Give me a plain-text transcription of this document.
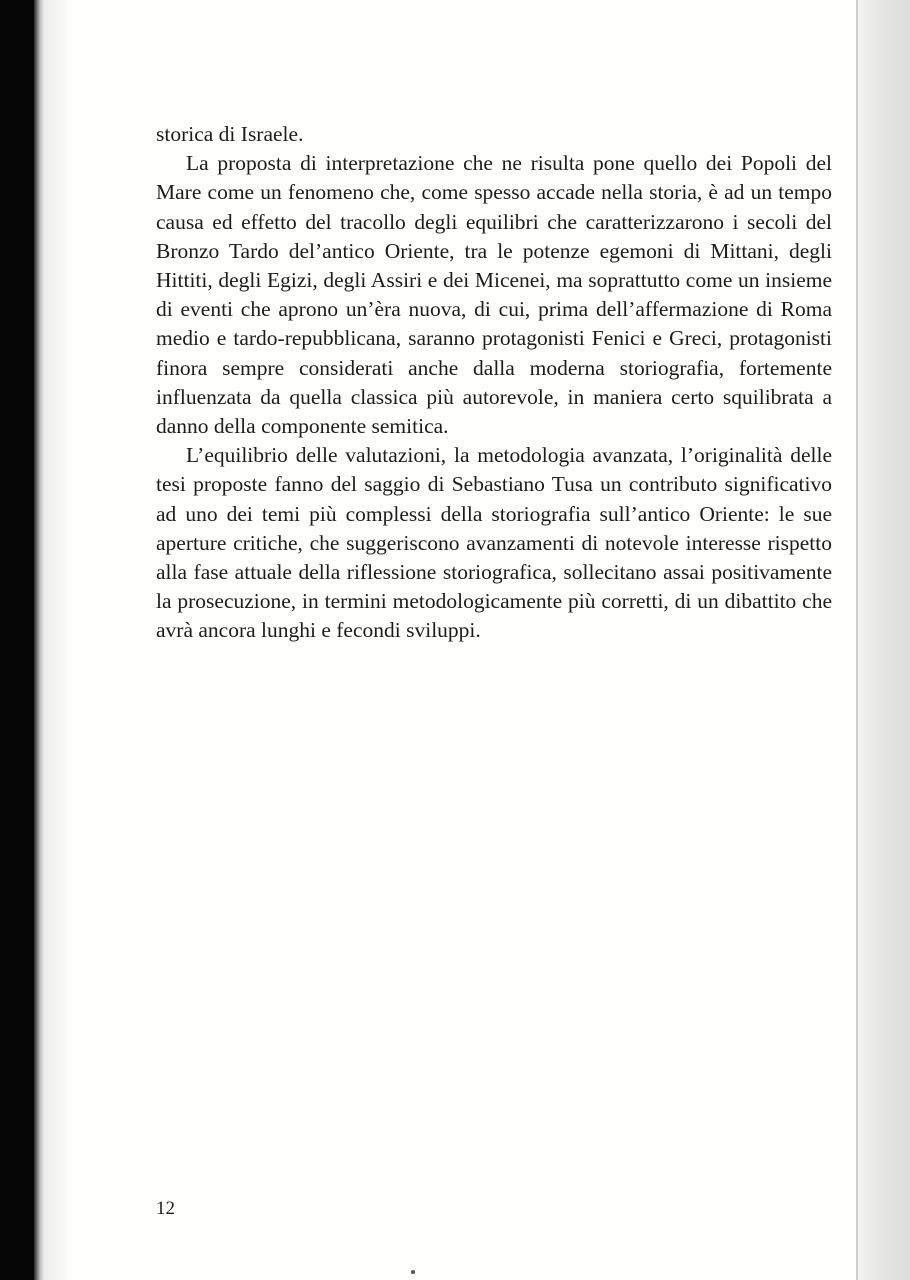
storica di Israele.

La proposta di interpretazione che ne risulta pone quello dei Popoli del Mare come un fenomeno che, come spesso accade nella storia, è ad un tempo causa ed effetto del tracollo degli equilibri che caratterizzarono i secoli del Bronzo Tardo del’antico Oriente, tra le potenze egemoni di Mittani, degli Hittiti, degli Egizi, degli Assiri e dei Micenei, ma soprattutto come un insieme di eventi che aprono un’èra nuova, di cui, prima dell’affermazione di Roma medio e tardo-repubblicana, saranno protagonisti Fenici e Greci, protagonisti finora sempre considerati anche dalla moderna storiografia, fortemente influenzata da quella classica più autorevole, in maniera certo squilibrata a danno della componente semitica.

L’equilibrio delle valutazioni, la metodologia avanzata, l’originalità delle tesi proposte fanno del saggio di Sebastiano Tusa un contributo significativo ad uno dei temi più complessi della storiografia sull’antico Oriente: le sue aperture critiche, che suggeriscono avanzamenti di notevole interesse rispetto alla fase attuale della riflessione storiografica, sollecitano assai positivamente la prosecuzione, in termini metodologicamente più corretti, di un dibattito che avrà ancora lunghi e fecondi sviluppi.

12
